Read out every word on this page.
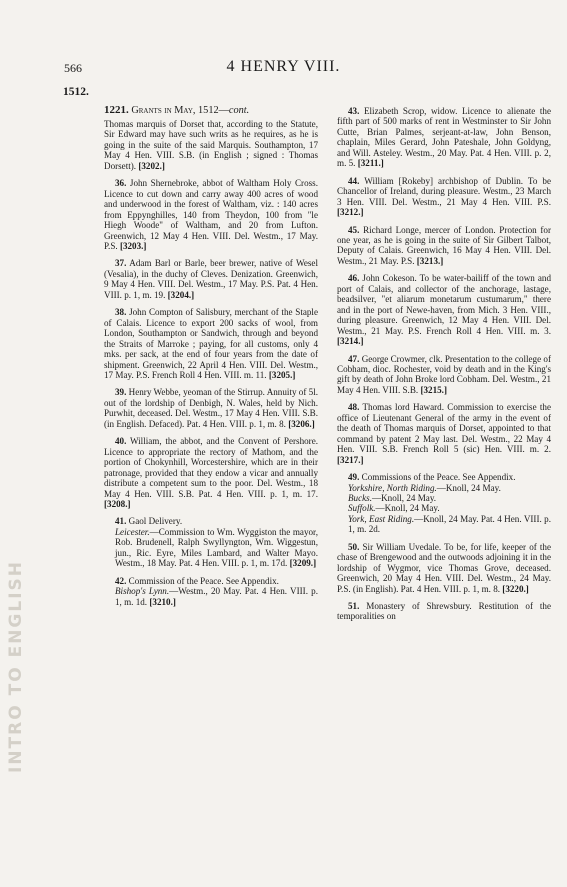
566	4 HENRY VIII.
1512.
INTRO TO ENGLISH
1221. Grants in May, 1512—cont.

Thomas marquis of Dorset that, according to the Statute, Sir Edward may have such writs as he requires, as he is going in the suite of the said Marquis. Southampton, 17 May 4 Hen. VIII. S.B. (in English ; signed : Thomas Dorsett). [3202.]

36. John Shernebroke, abbot of Waltham Holy Cross. Licence to cut down and carry away 400 acres of wood and underwood in the forest of Waltham, viz. : 140 acres from Eppynghilles, 140 from Theydon, 100 from "le Hiegh Woode" of Waltham, and 20 from Lufton. Greenwich, 12 May 4 Hen. VIII. Del. Westm., 17 May. P.S. [3203.]

37. Adam Barl or Barle, beer brewer, native of Wesel (Vesalia), in the duchy of Cleves. Denization. Greenwich, 9 May 4 Hen. VIII. Del. Westm., 17 May. P.S. Pat. 4 Hen. VIII. p. 1, m. 19. [3204.]

38. John Compton of Salisbury, merchant of the Staple of Calais. Licence to export 200 sacks of wool, from London, Southampton or Sandwich, through and beyond the Straits of Marroke ; paying, for all customs, only 4 mks. per sack, at the end of four years from the date of shipment. Greenwich, 22 April 4 Hen. VIII. Del. Westm., 17 May. P.S. French Roll 4 Hen. VIII. m. 11. [3205.]

39. Henry Webbe, yeoman of the Stirrup. Annuity of 5l. out of the lordship of Denbigh, N. Wales, held by Nich. Purwhit, deceased. Del. Westm., 17 May 4 Hen. VIII. S.B. (in English. Defaced). Pat. 4 Hen. VIII. p. 1, m. 8. [3206.]

40. William, the abbot, and the Convent of Pershore. Licence to appropriate the rectory of Mathom, and the portion of Chokynhill, Worcestershire, which are in their patronage, provided that they endow a vicar and annually distribute a competent sum to the poor. Del. Westm., 18 May 4 Hen. VIII. S.B. Pat. 4 Hen. VIII. p. 1, m. 17. [3208.]

41. Gaol Delivery.

Leicester.—Commission to Wm. Wyggiston the mayor, Rob. Brudenell, Ralph Swyllyngton, Wm. Wiggestun, jun., Ric. Eyre, Miles Lambard, and Walter Mayo. Westm., 18 May. Pat. 4 Hen. VIII. p. 1, m. 17d. [3209.]

42. Commission of the Peace. See Appendix.

Bishop's Lynn.—Westm., 20 May. Pat. 4 Hen. VIII. p. 1, m. 1d. [3210.]

43. Elizabeth Scrop, widow. Licence to alienate the fifth part of 500 marks of rent in Westminster to Sir John Cutte, Brian Palmes, serjeant-at-law, John Benson, chaplain, Miles Gerard, John Pateshale, John Goldyng, and Will. Asteley. Westm., 20 May. Pat. 4 Hen. VIII. p. 2, m. 5. [3211.]

44. William [Rokeby] archbishop of Dublin. To be Chancellor of Ireland, during pleasure. Westm., 23 March 3 Hen. VIII. Del. Westm., 21 May 4 Hen. VIII. P.S. [3212.]

45. Richard Longe, mercer of London. Protection for one year, as he is going in the suite of Sir Gilbert Talbot, Deputy of Calais. Greenwich, 16 May 4 Hen. VIII. Del. Westm., 21 May. P.S. [3213.]

46. John Cokeson. To be water-bailiff of the town and port of Calais, and collector of the anchorage, lastage, beadsilver, "et aliarum monetarum custumarum," there and in the port of Newe-haven, from Mich. 3 Hen. VIII., during pleasure. Greenwich, 12 May 4 Hen. VIII. Del. Westm., 21 May. P.S. French Roll 4 Hen. VIII. m. 3. [3214.]

47. George Crowmer, clk. Presentation to the college of Cobham, dioc. Rochester, void by death and in the King's gift by death of John Broke lord Cobham. Del. Westm., 21 May 4 Hen. VIII. S.B. [3215.]

48. Thomas lord Haward. Commission to exercise the office of Lieutenant General of the army in the event of the death of Thomas marquis of Dorset, appointed to that command by patent 2 May last. Del. Westm., 22 May 4 Hen. VIII. S.B. French Roll 5 (sic) Hen. VIII. m. 2. [3217.]

49. Commissions of the Peace. See Appendix.

Yorkshire, North Riding.—Knoll, 24 May.

Bucks.—Knoll, 24 May.

Suffolk.—Knoll, 24 May.

York, East Riding.—Knoll, 24 May. Pat. 4 Hen. VIII. p. 1, m. 2d.

50. Sir William Uvedale. To be, for life, keeper of the chase of Brengewood and the outwoods adjoining it in the lordship of Wygmor, vice Thomas Grove, deceased. Greenwich, 20 May 4 Hen. VIII. Del. Westm., 24 May. P.S. (in English). Pat. 4 Hen. VIII. p. 1, m. 8. [3220.]

51. Monastery of Shrewsbury. Restitution of the temporalities on
